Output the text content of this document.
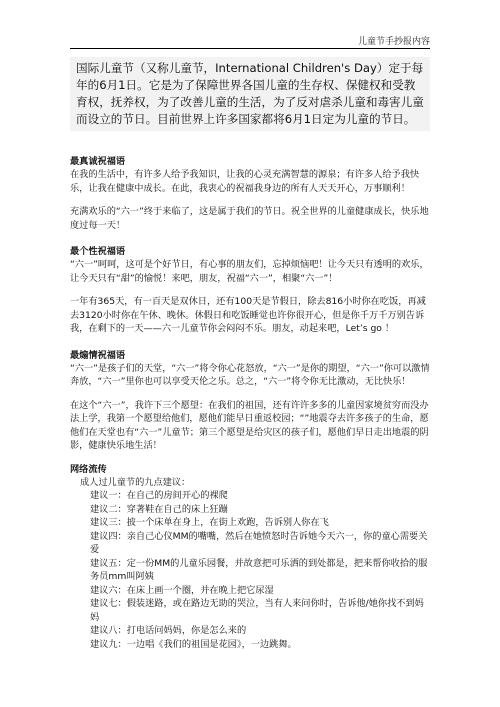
儿童节手抄报内容

国际儿童节（又称儿童节，International Children's Day）定于每年的6月1日。它是为了保障世界各国儿童的生存权、保健权和受教育权，抚养权，为了改善儿童的生活，为了反对虐杀儿童和毒害儿童而设立的节日。目前世界上许多国家都将6月1日定为儿童的节日。

最真诚祝福语

在我的生活中，有许多人给予我知识，让我的心灵充满智慧的源泉；有许多人给予我快乐，让我在健康中成长。在此，我衷心的祝福我身边的所有人天天开心，万事顺利！

充满欢乐的“六一”终于来临了，这是属于我们的节日。祝全世界的儿童健康成长，快乐地度过每一天！

最个性祝福语

“六一”呵呵，这可是个好节日，有心事的朋友们，忘掉烦恼吧！让今天只有透明的欢乐，让今天只有“甜”的愉悦！来吧，朋友，祝福“六一”，相聚“六一”！

一年有365天，有一百天是双休日，还有100天是节假日，除去816小时你在吃饭，再减去3120小时你在午休、晚休。休假日和吃饭睡觉也许你很开心，但是你千万千万别告诉我，在剩下的一天——六一儿童节你会闷闷不乐。朋友，动起来吧，Let’s go ！

最煽情祝福语

“六一”是孩子们的天堂，“六一”将令你心花怒放，“六一”是你的期望，“六一”你可以激情奔放，“六一”里你也可以享受天伦之乐。总之，“六一”将令你无比激动，无比快乐！

在这个“六一”，我许下三个愿望：在我们的祖国，还有许许多多的儿童因家境贫穷而没办法上学，我第一个愿望给他们，愿他们能早日重返校园；“”地震夺去许多孩子的生命，愿他们在天堂也有“六一”儿童节；第三个愿望是给灾区的孩子们，愿他们早日走出地震的阴影，健康快乐地生活！

网络流传
成人过儿童节的九点建议：
建议一：在自己的房间开心的裸爬
建议二：穿著鞋在自己的床上狂蹦
建议三：披一个床单在身上，在街上欢跑，告诉别人你在飞
建议四：亲自己心仪MM的嘴嘴，然后在她愤怒时告诉她今天六一，你的童心需要关爱
建议五：定一份MM的儿童乐园餐，并故意把可乐洒的到处都是，把来帮你收拾的服务员mm叫阿姨
建议六：在床上画一个圈，并在晚上把它尿湿
建议七：假装迷路，或在路边无助的哭泣，当有人来问你时，告诉他/她你找不到妈妈
建议八：打电话问妈妈，你是怎么来的
建议九：一边唱《我们的祖国是花园》，一边跳舞。
